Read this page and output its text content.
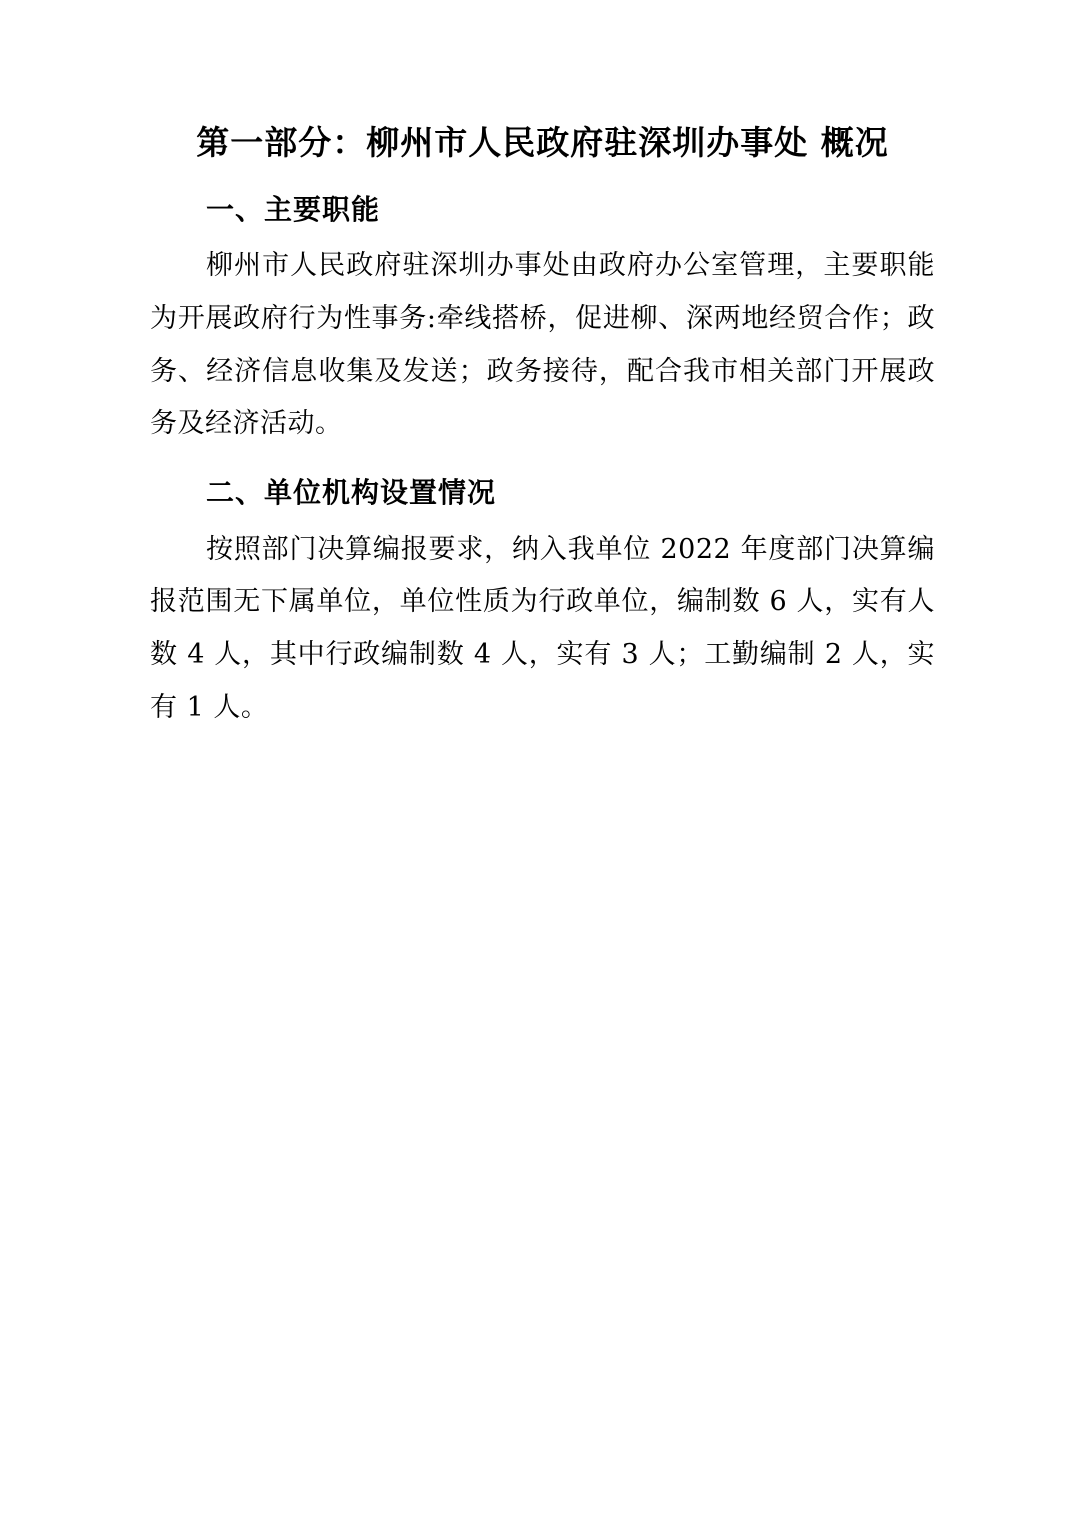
第一部分：柳州市人民政府驻深圳办事处 概况
一、主要职能

柳州市人民政府驻深圳办事处由政府办公室管理，主要职能为开展政府行为性事务:牵线搭桥，促进柳、深两地经贸合作；政务、经济信息收集及发送；政务接待，配合我市相关部门开展政务及经济活动。

二、单位机构设置情况

按照部门决算编报要求，纳入我单位 2022 年度部门决算编报范围无下属单位，单位性质为行政单位，编制数 6 人，实有人数 4 人，其中行政编制数 4 人，实有 3 人；工勤编制 2 人，实有 1 人。
